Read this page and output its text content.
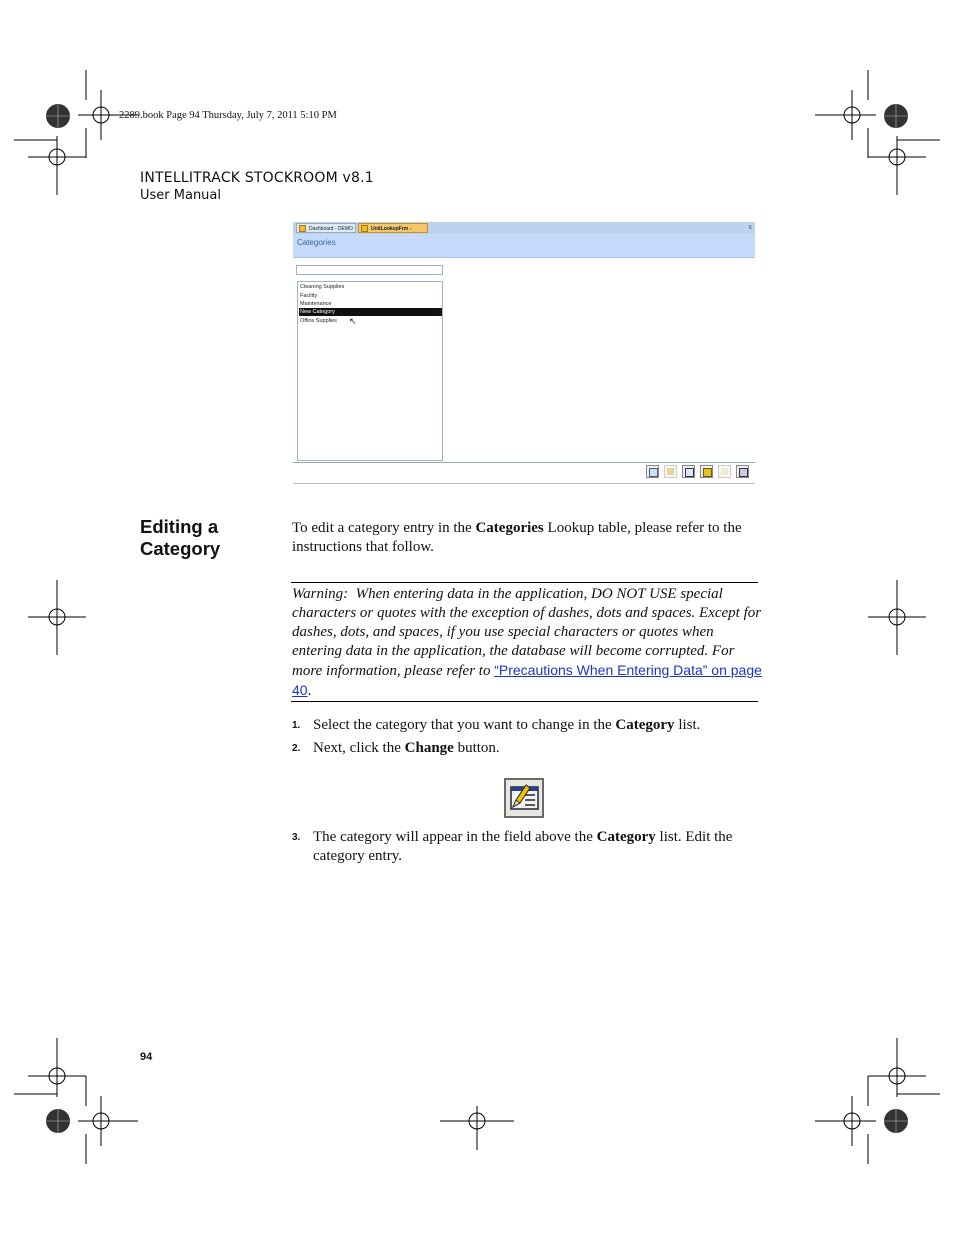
2289.book Page 94 Thursday, July 7, 2011 5:10 PM
INTELLITRACK STOCKROOM v8.1
User Manual
Dashboard - DEMO	UnitLookupFrm -	x
Categories
Cleaning Supplies
Facility
Maintenance
New Category
Office Supplies	↖
Editing a
Category
To edit a category entry in the Categories Lookup table, please refer to the instructions that follow.
Warning: When entering data in the application, DO NOT USE special characters or quotes with the exception of dashes, dots and spaces. Except for dashes, dots, and spaces, if you use special characters or quotes when entering data in the application, the database will become corrupted. For more information, please refer to “Precautions When Entering Data” on page 40.
1. Select the category that you want to change in the Category list.
2. Next, click the Change button.
3. The category will appear in the field above the Category list. Edit the category entry.
94
